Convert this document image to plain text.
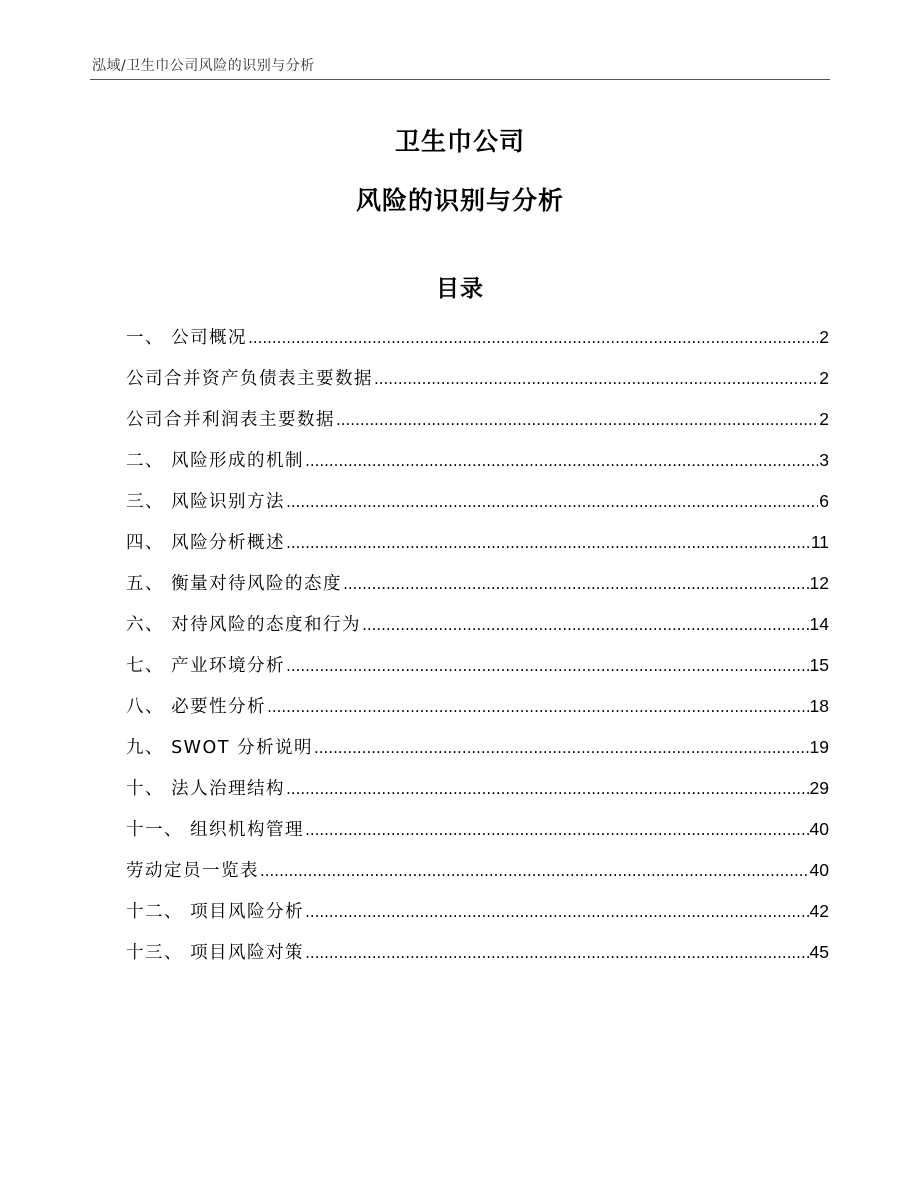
泓域/卫生巾公司风险的识别与分析
卫生巾公司
风险的识别与分析
目录
一、 公司概况 .....	2
公司合并资产负债表主要数据 .....	2
公司合并利润表主要数据 .....	2
二、 风险形成的机制 .....	3
三、 风险识别方法 .....	6
四、 风险分析概述 .....	11
五、 衡量对待风险的态度 .....	12
六、 对待风险的态度和行为 .....	14
七、 产业环境分析 .....	15
八、 必要性分析 .....	18
九、 SWOT 分析说明 .....	19
十、 法人治理结构 .....	29
十一、 组织机构管理 .....	40
劳动定员一览表 .....	40
十二、 项目风险分析 .....	42
十三、 项目风险对策 .....	45
